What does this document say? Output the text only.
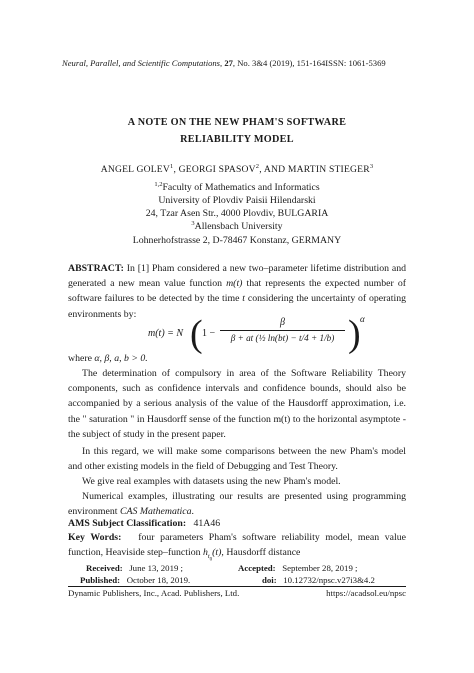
Neural, Parallel, and Scientific Computations, 27, No. 3&4 (2019), 151-164ISSN: 1061-5369
A NOTE ON THE NEW PHAM'S SOFTWARE
RELIABILITY MODEL
ANGEL GOLEV$^1$, GEORGI SPASOV$^2$, AND MARTIN STIEGER$^3$
$^{1,2}$Faculty of Mathematics and Informatics
University of Plovdiv Paisii Hilendarski
24, Tzar Asen Str., 4000 Plovdiv, BULGARIA
$^3$Allensbach University
Lohnerhofstrasse 2, D-78467 Konstanz, GERMANY
ABSTRACT: In [1] Pham considered a new two–parameter lifetime distribution and generated a new mean value function m(t) that represents the expected number of software failures to be detected by the time t considering the uncertainty of operating environments by:
m(t) = N ( 1 −
β
β + at (½ ln(bt) − t/4 + 1/b) ) α
where α, β, a, b > 0.
The determination of compulsory in area of the Software Reliability Theory components, such as confidence intervals and confidence bounds, should also be accompanied by a serious analysis of the value of the Hausdorff approximation, i.e. the " saturation " in Hausdorff sense of the function m(t) to the horizontal asymptote - the subject of study in the present paper.
In this regard, we will make some comparisons between the new Pham's model and other existing models in the field of Debugging and Test Theory.
We give real examples with datasets using the new Pham's model.
Numerical examples, illustrating our results are presented using programming environment CAS Mathematica.
AMS Subject Classification: 41A46
Key Words: four parameters Pham's software reliability model, mean value function, Heaviside step–function $h_{t_0}(t)$, Hausdorff distance
Received: June 13, 2019 ;	Accepted: September 28, 2019 ;
Published: October 18, 2019.	doi: 10.12732/npsc.v27i3&4.2
Dynamic Publishers, Inc., Acad. Publishers, Ltd.	https://acadsol.eu/npsc
